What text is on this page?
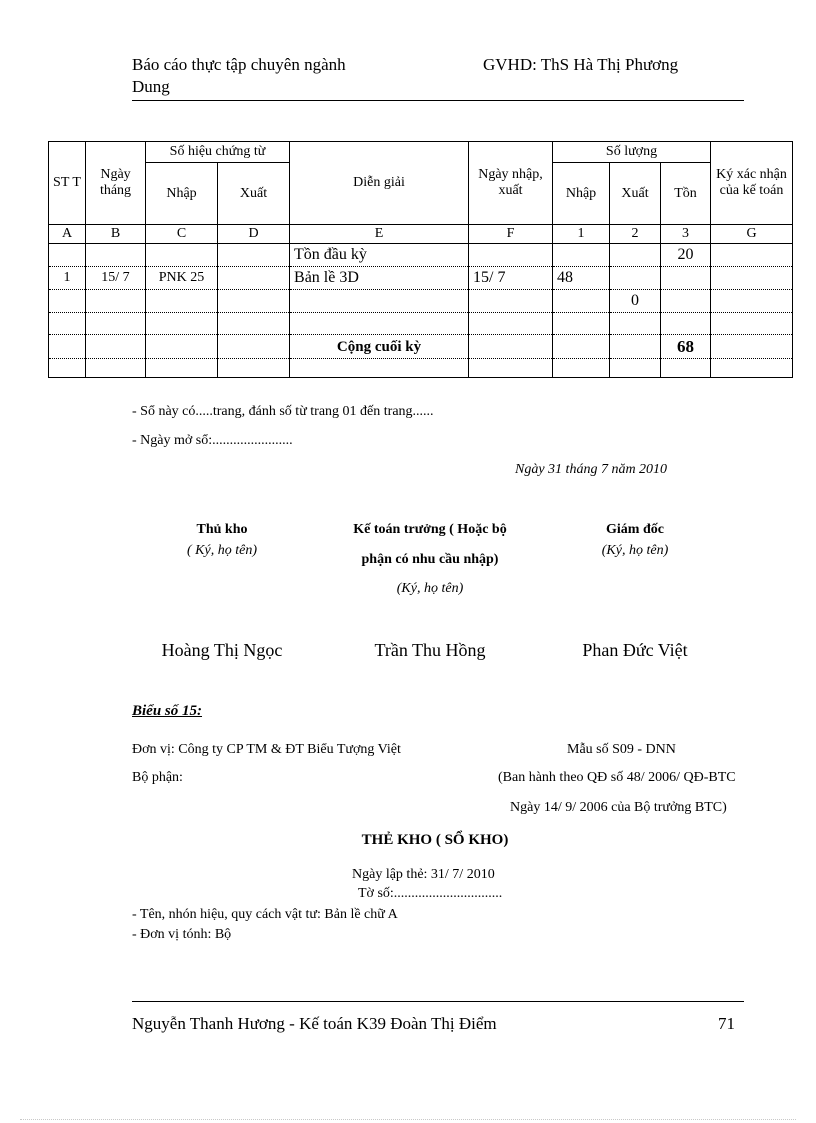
Báo cáo thực tập chuyên ngành
Dung
GVHD: ThS Hà Thị Phương
ST T	Ngày tháng	Số hiệu chứng từ		Diễn giải	Ngày nhập, xuất	Số lượng			Ký xác nhận của kế toán
		Nhập	Xuất			Nhập	Xuất	Tồn	
A	B	C	D	E	F	1	2	3	G
				Tồn đầu kỳ				20	
1	15/ 7	PNK 25		Bản lề 3D	15/ 7	48			
							0		

				Cộng cuối kỳ				68	

- Sổ này có.....trang, đánh số từ trang 01 đến trang......
- Ngày mở sổ:.......................
Ngày 31 tháng 7 năm 2010
Thủ kho
( Ký, họ tên)
Kế toán trưởng ( Hoặc bộ
phận có nhu cầu nhập)
(Ký, họ tên)
Giám đốc
(Ký, họ tên)
Hoàng Thị Ngọc	Trần Thu Hồng	Phan Đức Việt
Biểu số 15:
Đơn vị: Công ty CP TM & ĐT Biểu Tượng Việt	Mẫu số S09 - DNN
Bộ phận:	(Ban hành theo QĐ số 48/ 2006/ QĐ-BTC
Ngày 14/ 9/ 2006 của Bộ trưởng BTC)
THẺ KHO ( SỔ KHO)
Ngày lập thẻ: 31/ 7/ 2010
Tờ số:...............................
- Tên, nhón hiệu, quy cách vật tư: Bản lề chữ A
- Đơn vị tónh: Bộ
Nguyễn Thanh Hương - Kế toán K39 Đoàn Thị Điểm	71
